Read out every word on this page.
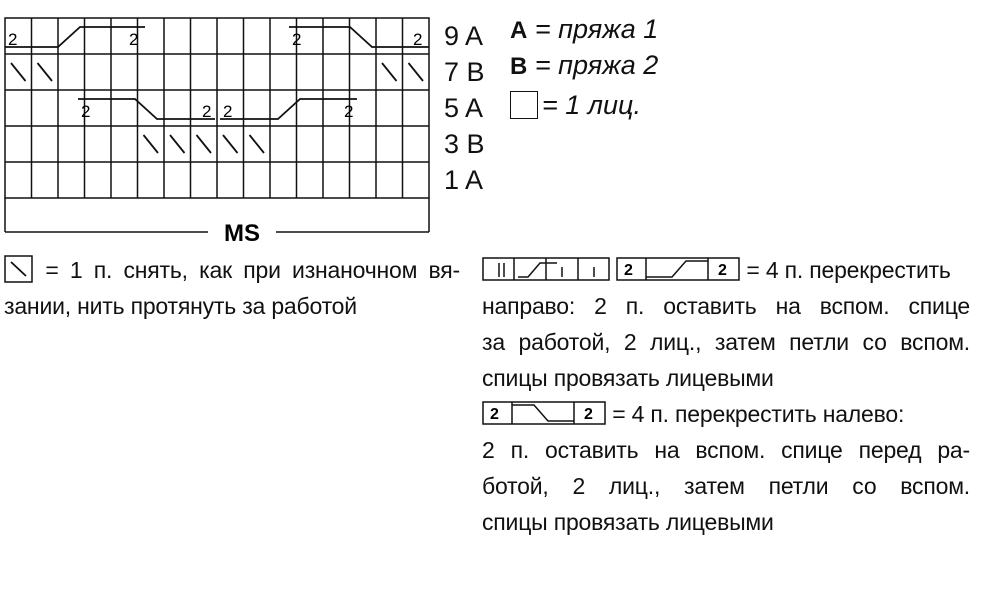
2	2	2	2
2	2 2	2
MS
9 A
7 B
5 A
3 B
1 A
A = пряжа 1
B = пряжа 2
= 1 лиц.
= 1 п. снять, как при изнаночном вя-
зании, нить протянуть за работой

2	2 = 4 п. перекрестить
направо: 2 п. оставить на вспом. спице
за работой, 2 лиц., затем петли со вспом.
спицы провязать лицевыми
2	2 = 4 п. перекрестить налево:
2 п. оставить на вспом. спице перед ра-
ботой, 2 лиц., затем петли со вспом.
спицы провязать лицевыми
